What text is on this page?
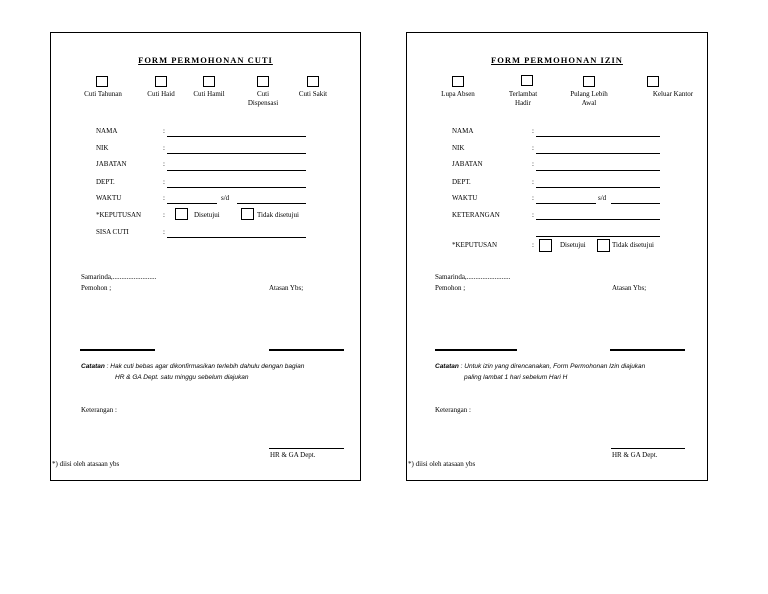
FORM PERMOHONAN CUTI
Cuti Tahunan	Cuti Haid	Cuti Hamil	Cuti Dispensasi
Cuti Sakit
NAMA	:
NIK	:
JABATAN	:
DEPT.	:
WAKTU	:	s/d
*KEPUTUSAN	:	Disetujui	Tidak disetujui
SISA CUTI	:
Samarinda,.........................
Pemohon ;	Atasan Ybs;
Catatan : Hak cuti bebas agar dikonfirmasikan terlebih dahulu dengan bagian
HR & GA Dept. satu minggu sebelum diajukan
Keterangan :
HR & GA Dept.
*) diisi oleh atasaan ybs
FORM PERMOHONAN IZIN
Lupa Absen	Terlambat Hadir
Pulang Lebih Awal
Keluar Kantor
NAMA	:
NIK	:
JABATAN	:
DEPT.	:
WAKTU	:	s/d
KETERANGAN	:
*KEPUTUSAN	:	Disetujui	Tidak disetujui
Samarinda,.........................
Pemohon ;	Atasan Ybs;
Catatan : Untuk izin yang direncanakan, Form Permohonan Izin diajukan
paling lambat 1 hari sebelum Hari H
Keterangan :
HR & GA Dept.
*) diisi oleh atasaan ybs
